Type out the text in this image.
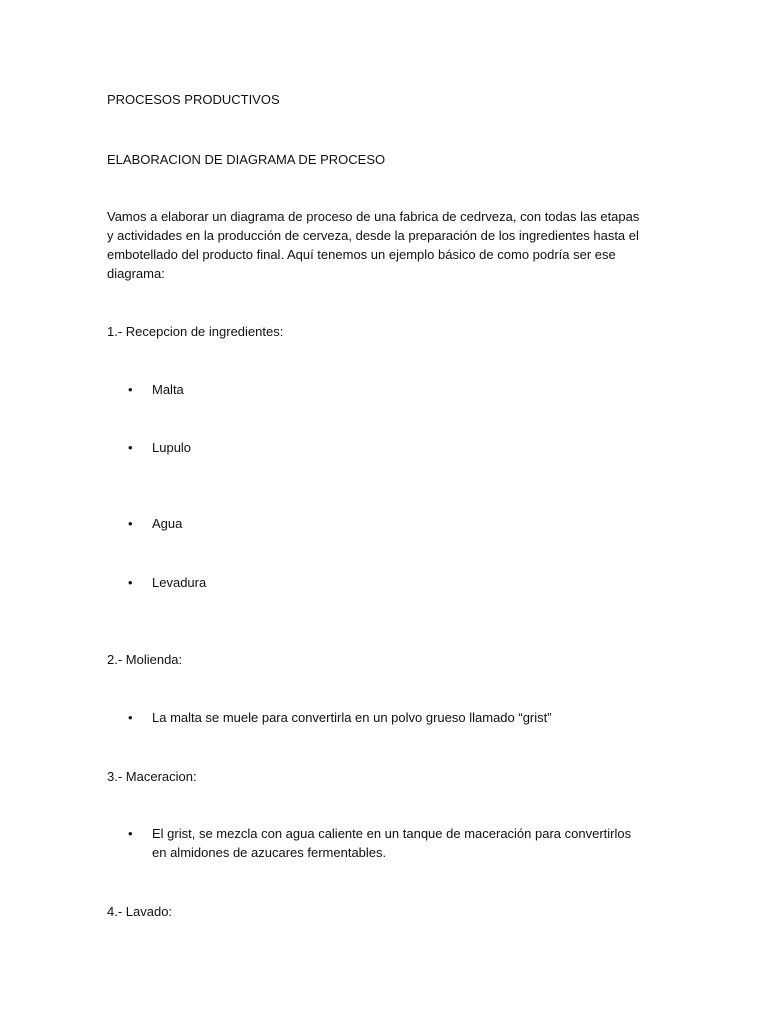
PROCESOS PRODUCTIVOS
ELABORACION DE DIAGRAMA DE PROCESO
Vamos a elaborar un diagrama de proceso de una fabrica de cedrveza, con todas las etapas y actividades en la producción de cerveza, desde la preparación de los ingredientes hasta el embotellado del producto final. Aquí tenemos un ejemplo básico de como podría ser ese diagrama:
1.- Recepcion de ingredientes:
• Malta
• Lupulo
• Agua
• Levadura
2.- Molienda:
• La malta se muele para convertirla en un polvo grueso llamado “grist”
3.- Maceracion:
• El grist, se mezcla con agua caliente en un tanque de maceración para convertirlos en almidones de azucares fermentables.
4.- Lavado:
